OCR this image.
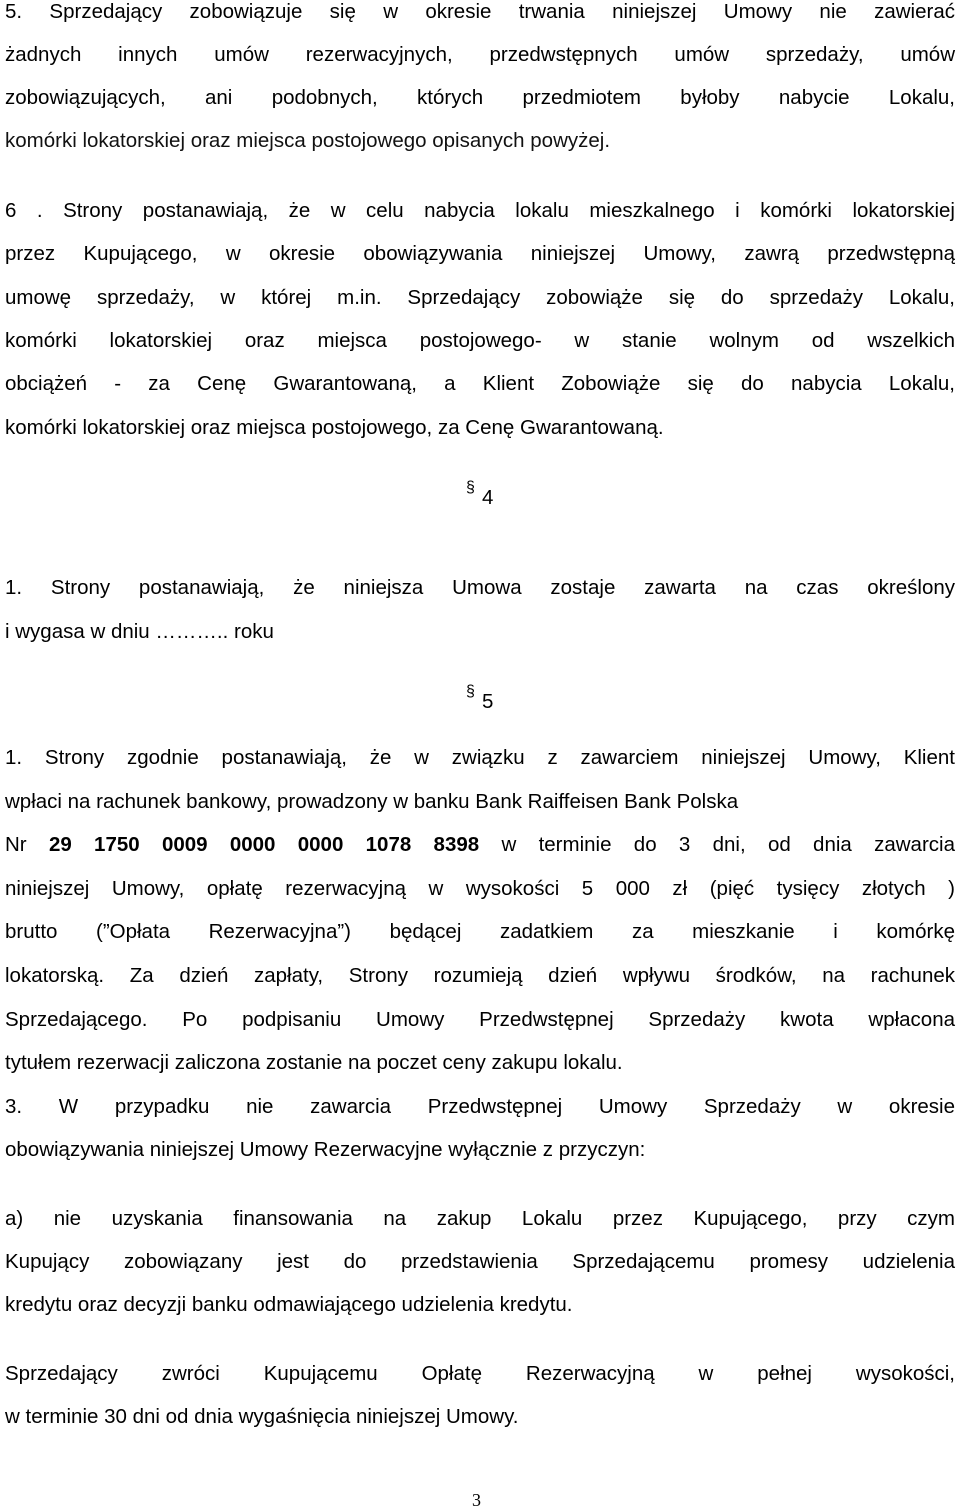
5. Sprzedający zobowiązuje się w okresie trwania niniejszej Umowy nie zawierać
żadnych innych umów rezerwacyjnych, przedwstępnych umów sprzedaży, umów
zobowiązujących, ani podobnych, których przedmiotem byłoby nabycie Lokalu,
komórki lokatorskiej oraz miejsca postojowego opisanych powyżej.
6 . Strony postanawiają, że w celu nabycia lokalu mieszkalnego i komórki lokatorskiej
przez Kupującego, w okresie obowiązywania niniejszej Umowy, zawrą przedwstępną
umowę sprzedaży, w której m.in. Sprzedający zobowiąże się do sprzedaży Lokalu,
komórki lokatorskiej oraz miejsca postojowego- w stanie wolnym od wszelkich
obciążeń - za Cenę Gwarantowaną, a Klient Zobowiąże się do nabycia Lokalu,
komórki lokatorskiej oraz miejsca postojowego, za Cenę Gwarantowaną.
§ 4
1. Strony postanawiają, że niniejsza Umowa zostaje zawarta na czas określony
i wygasa w dniu ……….. roku
§ 5
1. Strony zgodnie postanawiają, że w związku z zawarciem niniejszej Umowy, Klient
wpłaci na rachunek bankowy, prowadzony w banku Bank Raiffeisen Bank Polska
Nr 29 1750 0009 0000 0000 1078 8398 w terminie do 3 dni, od dnia zawarcia
niniejszej Umowy, opłatę rezerwacyjną w wysokości 5 000 zł (pięć tysięcy złotych )
brutto (”Opłata Rezerwacyjna”) będącej zadatkiem za mieszkanie i komórkę
lokatorską. Za dzień zapłaty, Strony rozumieją dzień wpływu środków, na rachunek
Sprzedającego. Po podpisaniu Umowy Przedwstępnej Sprzedaży kwota wpłacona
tytułem rezerwacji zaliczona zostanie na poczet ceny zakupu lokalu.
3. W przypadku nie zawarcia Przedwstępnej Umowy Sprzedaży w okresie
obowiązywania niniejszej Umowy Rezerwacyjne wyłącznie z przyczyn:
a) nie uzyskania finansowania na zakup Lokalu przez Kupującego, przy czym
Kupujący zobowiązany jest do przedstawienia Sprzedającemu promesy udzielenia
kredytu oraz decyzji banku odmawiającego udzielenia kredytu.
Sprzedający zwróci Kupującemu Opłatę Rezerwacyjną w pełnej wysokości,
w terminie 30 dni od dnia wygaśnięcia niniejszej Umowy.
3
